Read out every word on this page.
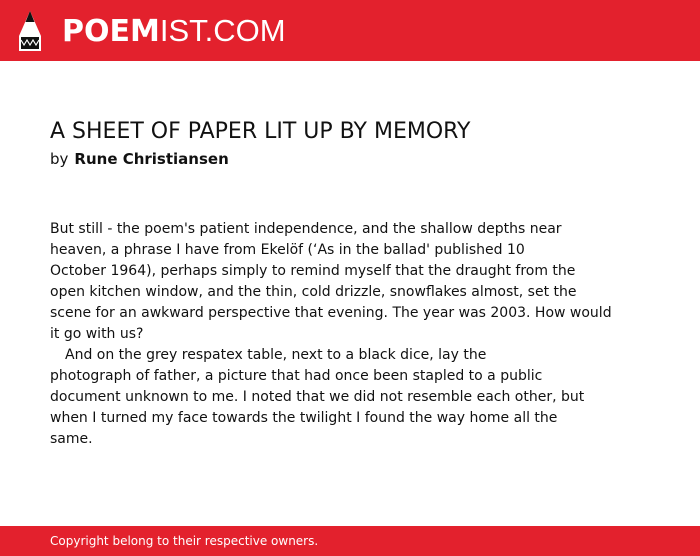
POEMIST.COM
A SHEET OF PAPER LIT UP BY MEMORY
by Rune Christiansen
But still - the poem's patient independence, and the shallow depths near
heaven, a phrase I have from Ekelöf (‘As in the ballad' published 10
October 1964), perhaps simply to remind myself that the draught from the
open kitchen window, and the thin, cold drizzle, snowflakes almost, set the
scene for an awkward perspective that evening. The year was 2003. How would
it go with us?
And on the grey respatex table, next to a black dice, lay the
photograph of father, a picture that had once been stapled to a public
document unknown to me. I noted that we did not resemble each other, but
when I turned my face towards the twilight I found the way home all the
same.
Copyright belong to their respective owners.
